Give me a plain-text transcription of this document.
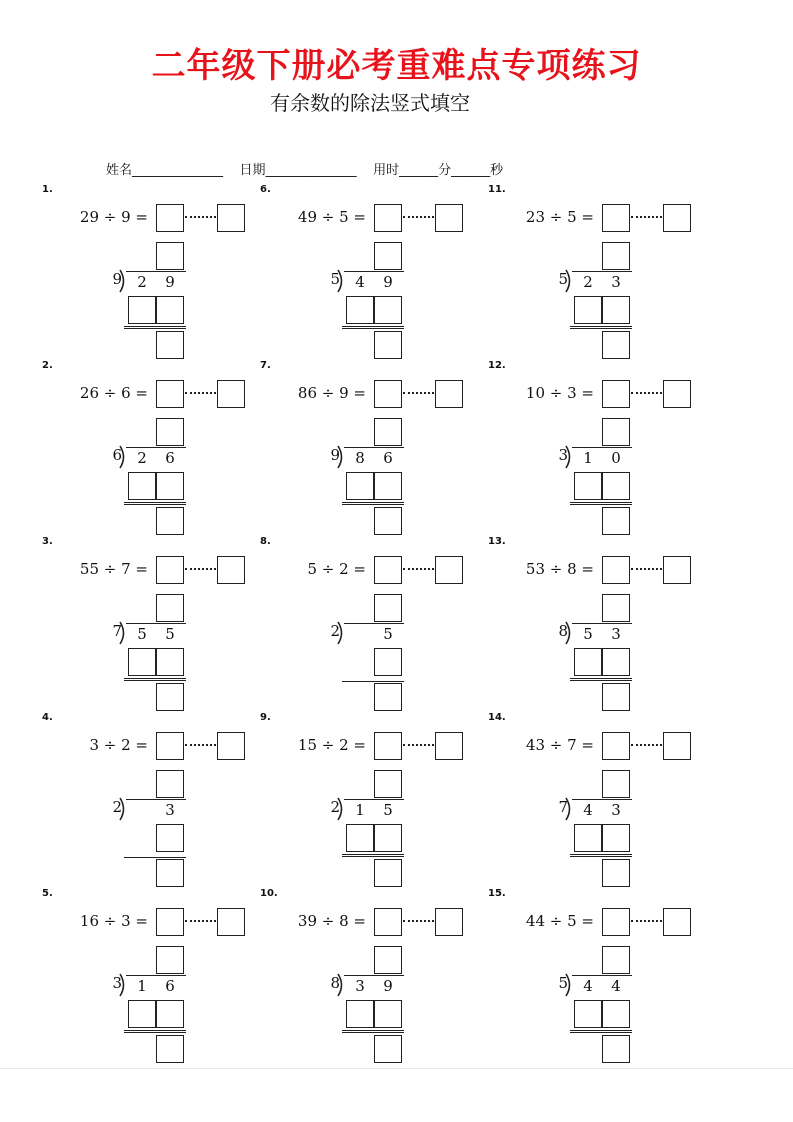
二年级下册必考重难点专项练习
有余数的除法竖式填空
姓名______________ 日期______________ 用时______分______秒
1.
29 ÷ 9 =
9	2	9
2.
26 ÷ 6 =
6	2	6
3.
55 ÷ 7 =
7	5	5
4.
3 ÷ 2 =
2	3
5.
16 ÷ 3 =
3	1	6
6.
49 ÷ 5 =
5	4	9
7.
86 ÷ 9 =
9	8	6
8.
5 ÷ 2 =
2	5
9.
15 ÷ 2 =
2	1	5
10.
39 ÷ 8 =
8	3	9
11.
23 ÷ 5 =
5	2	3
12.
10 ÷ 3 =
3	1	0
13.
53 ÷ 8 =
8	5	3
14.
43 ÷ 7 =
7	4	3
15.
44 ÷ 5 =
5	4	4
